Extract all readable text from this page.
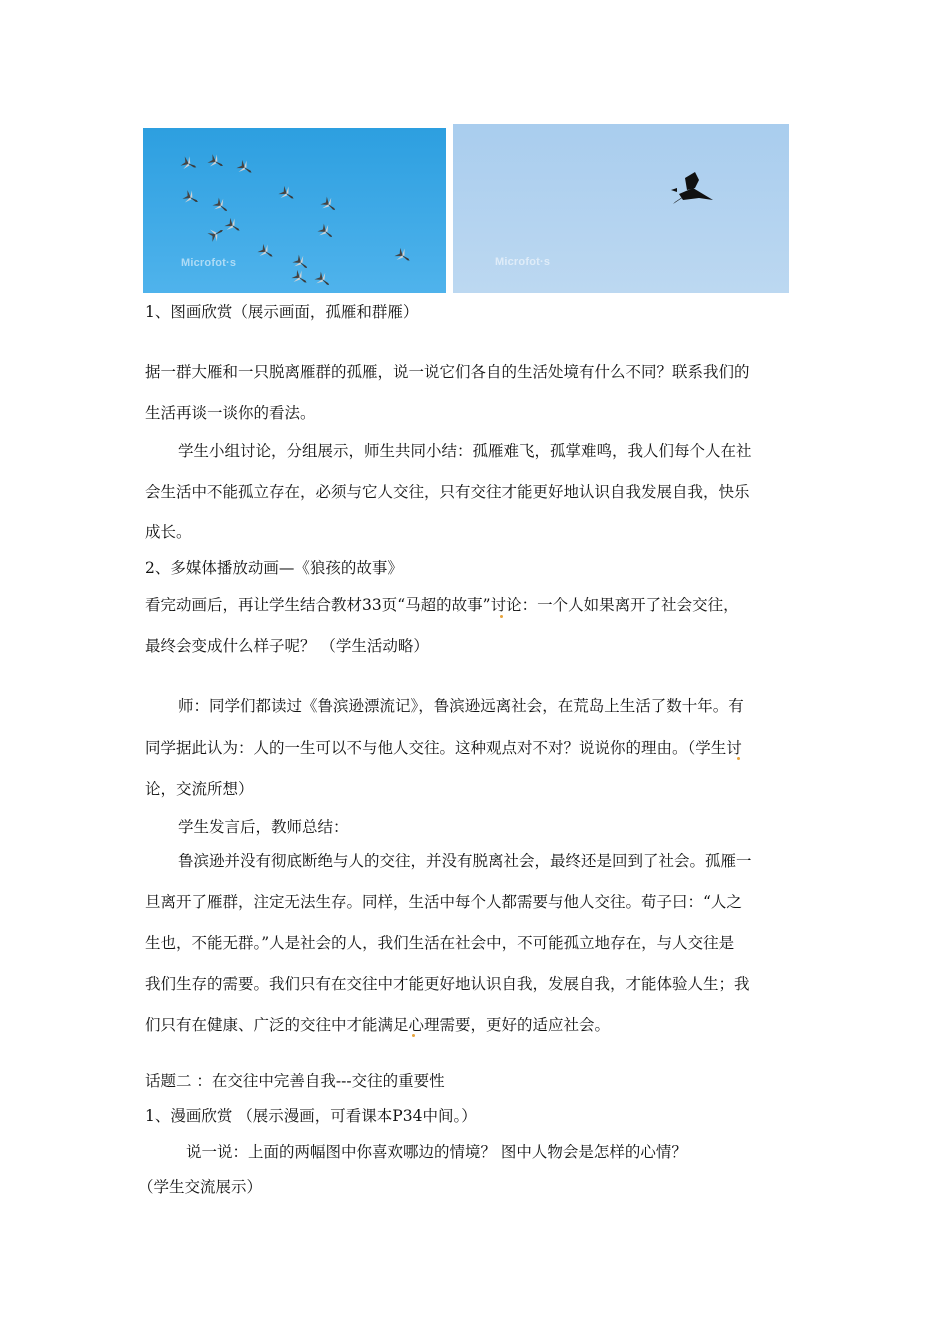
Microfot·s	Microfot·s
1、图画欣赏（展示画面，孤雁和群雁）
据一群大雁和一只脱离雁群的孤雁，说一说它们各自的生活处境有什么不同？联系我们的
生活再谈一谈你的看法。
学生小组讨论，分组展示，师生共同小结：孤雁难飞，孤掌难鸣，我人们每个人在社
会生活中不能孤立存在，必须与它人交往，只有交往才能更好地认识自我发展自我，快乐
成长。
2、多媒体播放动画—《狼孩的故事》
看完动画后，再让学生结合教材33页“马超的故事”讨论：一个人如果离开了社会交往，
最终会变成什么样子呢？ （学生活动略）
师：同学们都读过《鲁滨逊漂流记》，鲁滨逊远离社会，在荒岛上生活了数十年。有
同学据此认为：人的一生可以不与他人交往。这种观点对不对？说说你的理由。（学生讨
论，交流所想）
学生发言后，教师总结：
鲁滨逊并没有彻底断绝与人的交往，并没有脱离社会，最终还是回到了社会。孤雁一
旦离开了雁群，注定无法生存。同样，生活中每个人都需要与他人交往。荀子曰：“人之
生也，不能无群。”人是社会的人，我们生活在社会中，不可能孤立地存在，与人交往是
我们生存的需要。我们只有在交往中才能更好地认识自我，发展自我，才能体验人生；我
们只有在健康、广泛的交往中才能满足心理需要，更好的适应社会。
话题二 ：在交往中完善自我---交往的重要性
1、漫画欣赏 （展示漫画，可看课本P34中间。）
说一说：上面的两幅图中你喜欢哪边的情境？ 图中人物会是怎样的心情？
（学生交流展示）
